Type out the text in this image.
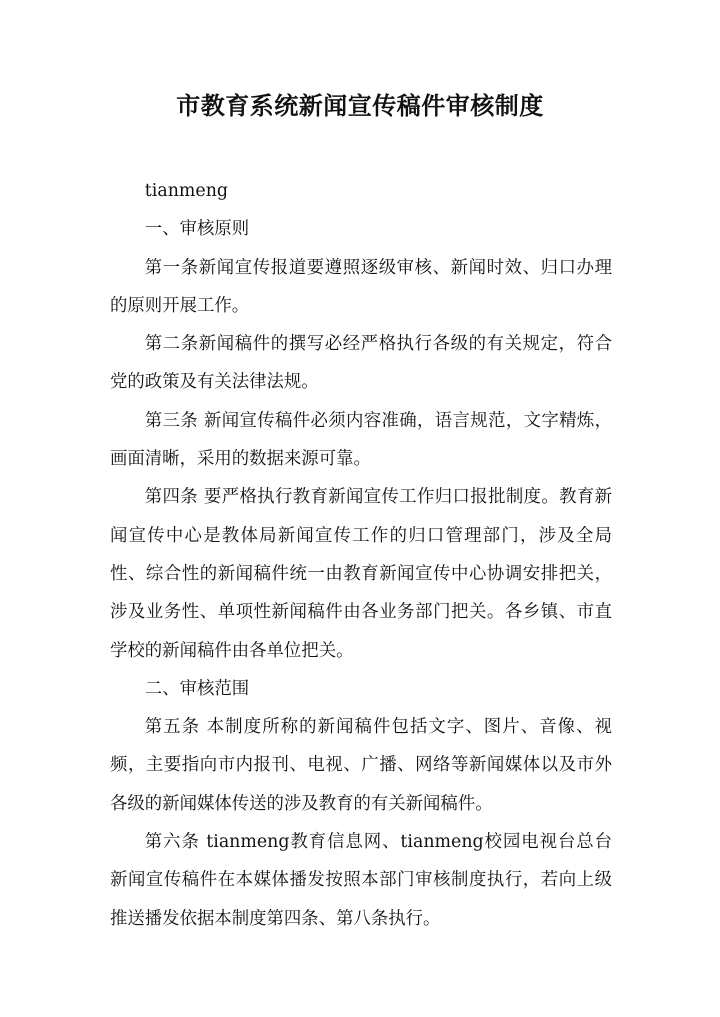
市教育系统新闻宣传稿件审核制度

tianmeng

一、审核原则

第一条新闻宣传报道要遵照逐级审核、新闻时效、归口办理的原则开展工作。

第二条新闻稿件的撰写必经严格执行各级的有关规定，符合党的政策及有关法律法规。

第三条 新闻宣传稿件必须内容准确，语言规范，文字精炼，画面清晰，采用的数据来源可靠。

第四条 要严格执行教育新闻宣传工作归口报批制度。教育新闻宣传中心是教体局新闻宣传工作的归口管理部门，涉及全局性、综合性的新闻稿件统一由教育新闻宣传中心协调安排把关，涉及业务性、单项性新闻稿件由各业务部门把关。各乡镇、市直学校的新闻稿件由各单位把关。

二、审核范围

第五条 本制度所称的新闻稿件包括文字、图片、音像、视频，主要指向市内报刊、电视、广播、网络等新闻媒体以及市外各级的新闻媒体传送的涉及教育的有关新闻稿件。

第六条 tianmeng教育信息网、tianmeng校园电视台总台新闻宣传稿件在本媒体播发按照本部门审核制度执行，若向上级推送播发依据本制度第四条、第八条执行。
